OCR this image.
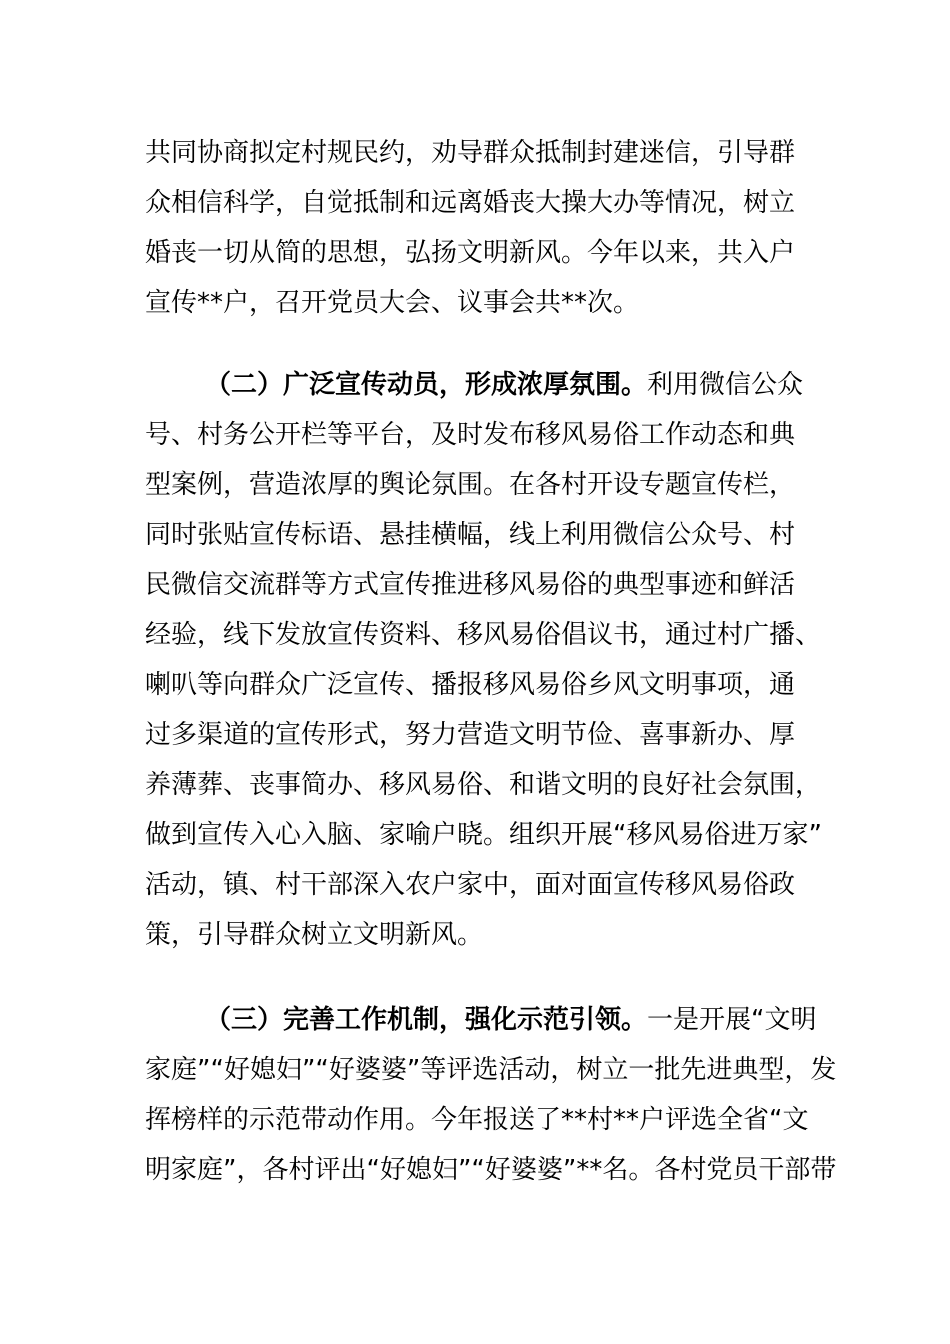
共同协商拟定村规民约，劝导群众抵制封建迷信，引导群
众相信科学，自觉抵制和远离婚丧大操大办等情况，树立
婚丧一切从简的思想，弘扬文明新风。今年以来，共入户
宣传**户，召开党员大会、议事会共**次。
（二）广泛宣传动员，形成浓厚氛围。利用微信公众
号、村务公开栏等平台，及时发布移风易俗工作动态和典
型案例，营造浓厚的舆论氛围。在各村开设专题宣传栏，
同时张贴宣传标语、悬挂横幅，线上利用微信公众号、村
民微信交流群等方式宣传推进移风易俗的典型事迹和鲜活
经验，线下发放宣传资料、移风易俗倡议书，通过村广播、
喇叭等向群众广泛宣传、播报移风易俗乡风文明事项，通
过多渠道的宣传形式，努力营造文明节俭、喜事新办、厚
养薄葬、丧事简办、移风易俗、和谐文明的良好社会氛围，
做到宣传入心入脑、家喻户晓。组织开展“移风易俗进万家”
活动，镇、村干部深入农户家中，面对面宣传移风易俗政
策，引导群众树立文明新风。
（三）完善工作机制，强化示范引领。一是开展“文明
家庭”“好媳妇”“好婆婆”等评选活动，树立一批先进典型，发
挥榜样的示范带动作用。今年报送了**村**户评选全省“文
明家庭”，各村评出“好媳妇”“好婆婆”**名。各村党员干部带
